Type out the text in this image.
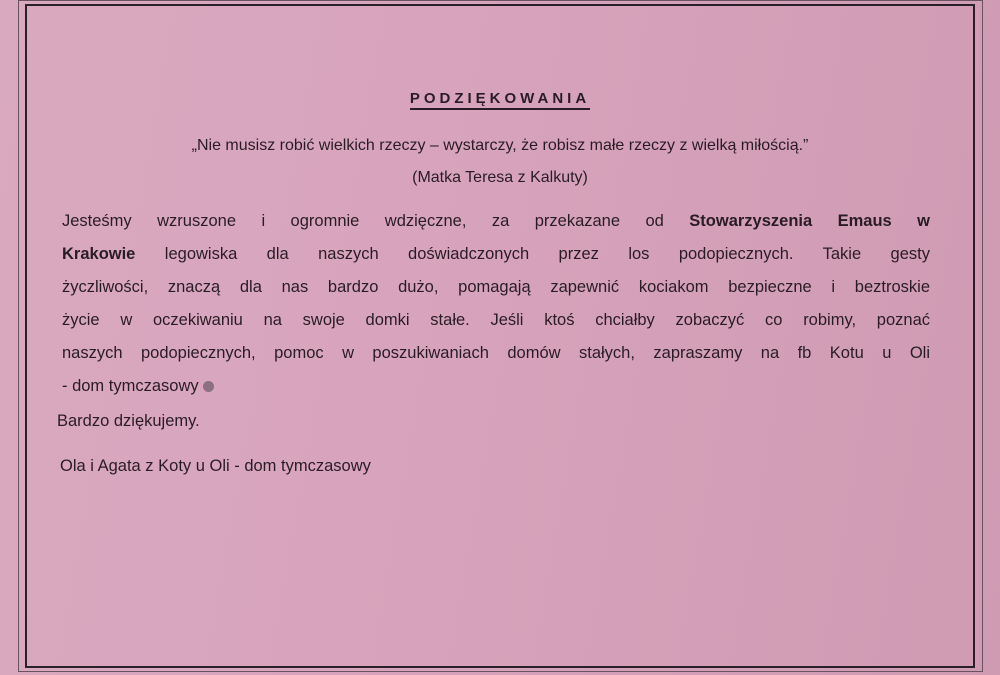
PODZIĘKOWANIA
„Nie musisz robić wielkich rzeczy – wystarczy, że robisz małe rzeczy z wielką miłością.”
(Matka Teresa z Kalkuty)
Jesteśmy wzruszone i ogromnie wdzięczne, za przekazane od Stowarzyszenia Emaus w
Krakowie legowiska dla naszych doświadczonych przez los podopiecznych. Takie gesty
życzliwości, znaczą dla nas bardzo dużo, pomagają zapewnić kociakom bezpieczne i beztroskie
życie w oczekiwaniu na swoje domki stałe. Jeśli ktoś chciałby zobaczyć co robimy, poznać
naszych podopiecznych, pomoc w poszukiwaniach domów stałych, zapraszamy na fb Kotu u Oli
- dom tymczasowy
Bardzo dziękujemy.
Ola i Agata z Koty u Oli - dom tymczasowy
